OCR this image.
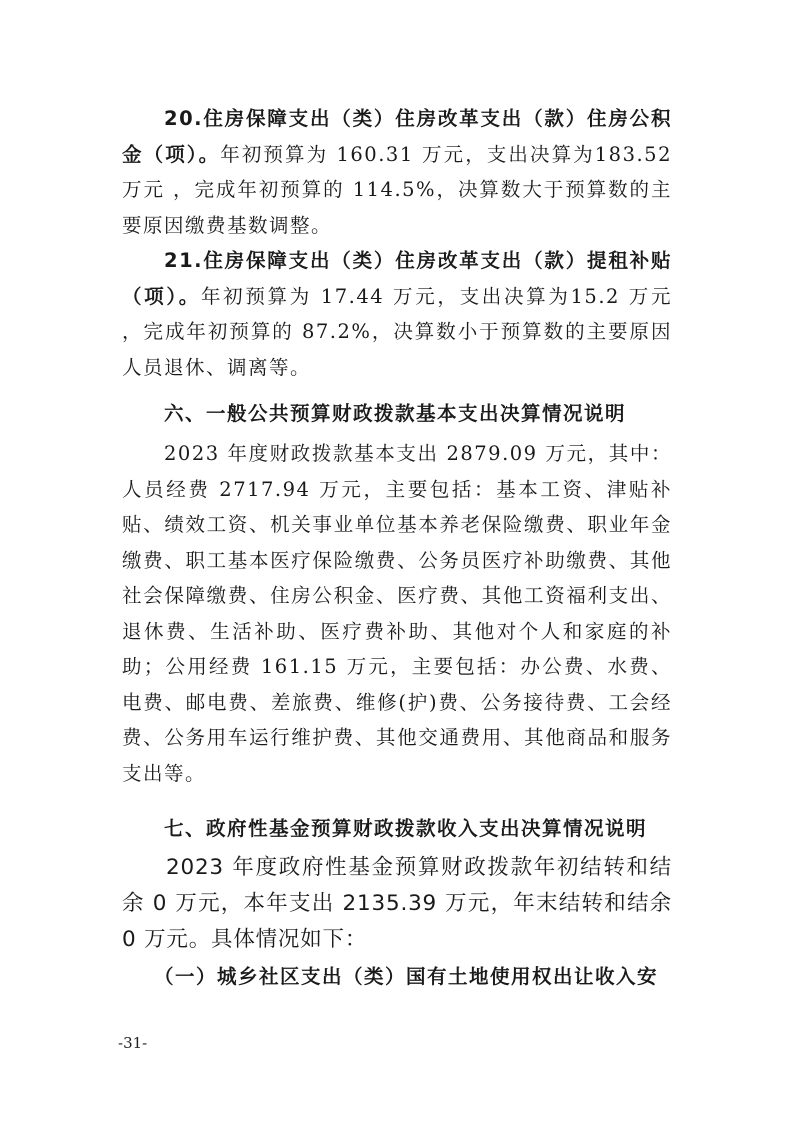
20.住房保障支出（类）住房改革支出（款）住房公积金（项）。年初预算为 160.31 万元，支出决算为183.52 万元 ，完成年初预算的 114.5%，决算数大于预算数的主要原因缴费基数调整。

21.住房保障支出（类）住房改革支出（款）提租补贴（项）。年初预算为 17.44 万元，支出决算为15.2 万元 ，完成年初预算的 87.2%，决算数小于预算数的主要原因人员退休、调离等。

六、一般公共预算财政拨款基本支出决算情况说明

2023 年度财政拨款基本支出 2879.09 万元，其中：人员经费 2717.94 万元，主要包括：基本工资、津贴补贴、绩效工资、机关事业单位基本养老保险缴费、职业年金缴费、职工基本医疗保险缴费、公务员医疗补助缴费、其他社会保障缴费、住房公积金、医疗费、其他工资福利支出、退休费、生活补助、医疗费补助、其他对个人和家庭的补助；公用经费 161.15 万元，主要包括：办公费、水费、电费、邮电费、差旅费、维修(护)费、公务接待费、工会经费、公务用车运行维护费、其他交通费用、其他商品和服务支出等。

七、政府性基金预算财政拨款收入支出决算情况说明

2023 年度政府性基金预算财政拨款年初结转和结余 0 万元，本年支出 2135.39 万元，年末结转和结余 0 万元。具体情况如下：

（一）城乡社区支出（类）国有土地使用权出让收入安

-31-
